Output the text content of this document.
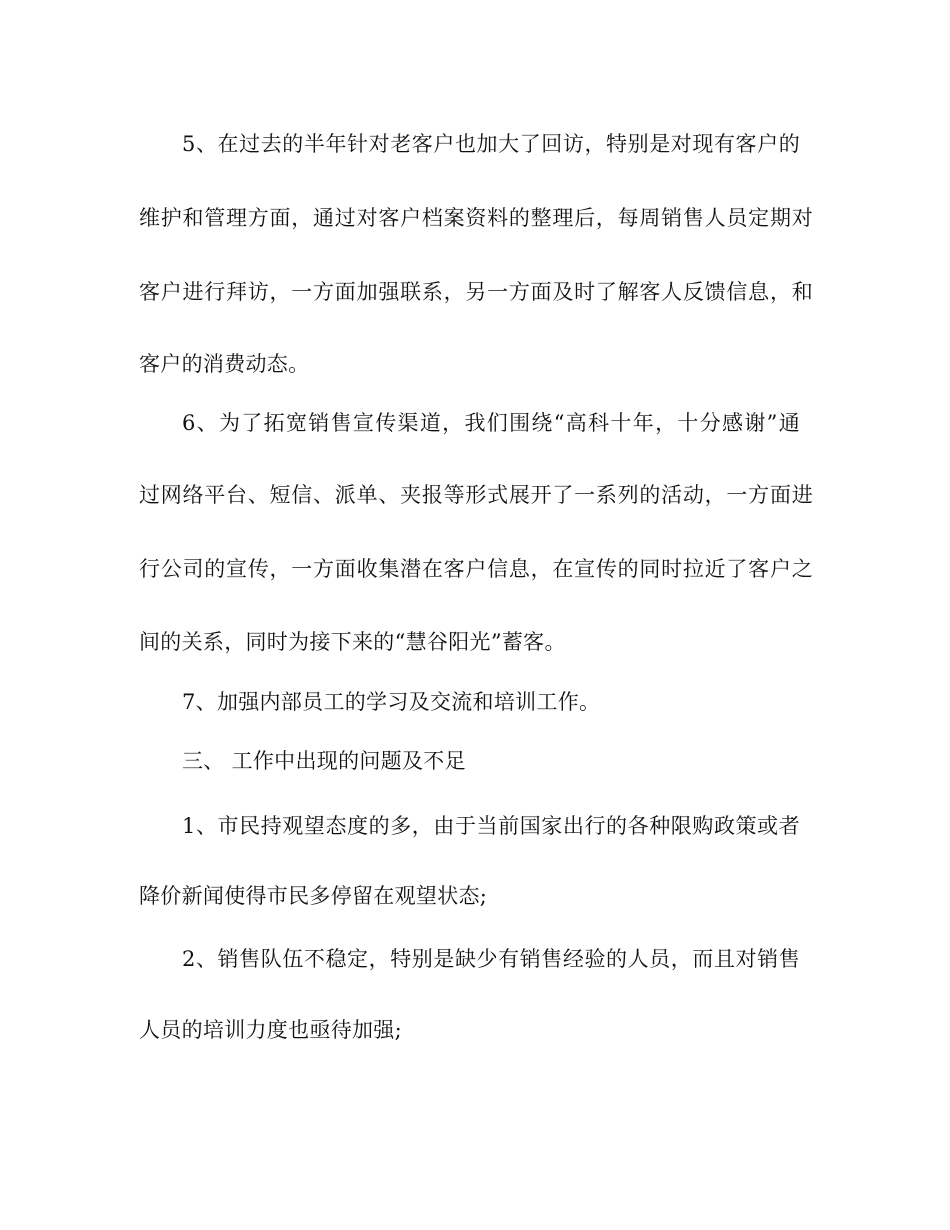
5、在过去的半年针对老客户也加大了回访，特别是对现有客户的
维护和管理方面，通过对客户档案资料的整理后，每周销售人员定期对
客户进行拜访，一方面加强联系，另一方面及时了解客人反馈信息，和
客户的消费动态。
6、为了拓宽销售宣传渠道，我们围绕“高科十年，十分感谢”通
过网络平台、短信、派单、夹报等形式展开了一系列的活动，一方面进
行公司的宣传，一方面收集潜在客户信息，在宣传的同时拉近了客户之
间的关系，同时为接下来的“慧谷阳光”蓄客。
7、加强内部员工的学习及交流和培训工作。
三、 工作中出现的问题及不足
1、市民持观望态度的多，由于当前国家出行的各种限购政策或者
降价新闻使得市民多停留在观望状态;
2、销售队伍不稳定，特别是缺少有销售经验的人员，而且对销售
人员的培训力度也亟待加强;
